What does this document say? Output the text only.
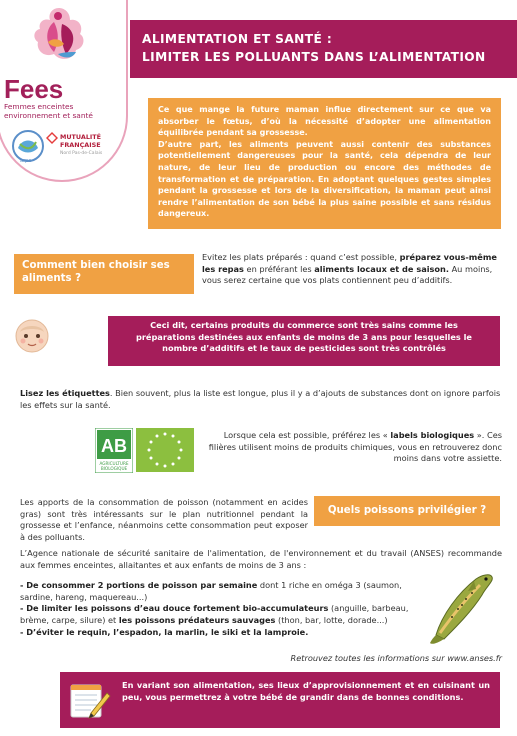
Fees
Femmes enceintes
environnement et santé
arpe
MUTUALITÉ
FRANÇAISE
Nord Pas-de-Calais
ALIMENTATION ET SANTÉ :
LIMITER LES POLLUANTS DANS L’ALIMENTATION

Ce que mange la future maman influe directement sur ce que va absorber le fœtus, d’où la nécessité d’adopter une alimentation équilibrée pendant sa grossesse.

D’autre part, les aliments peuvent aussi contenir des substances potentiellement dangereuses pour la santé, cela dépendra de leur nature, de leur lieu de production ou encore des méthodes de transformation et de préparation. En adoptant quelques gestes simples pendant la grossesse et lors de la diversification, la maman peut ainsi rendre l’alimentation de son bébé la plus saine possible et sans résidus dangereux.

Comment bien choisir ses aliments ?
Evitez les plats préparés : quand c’est possible, préparez vous-même les repas en préférant les aliments locaux et de saison. Au moins, vous serez certaine que vos plats contiennent peu d’additifs.
Ceci dit, certains produits du commerce sont très sains comme les préparations destinées aux enfants de moins de 3 ans pour lesquelles le nombre d’additifs et le taux de pesticides sont très contrôlés
Lisez les étiquettes. Bien souvent, plus la liste est longue, plus il y a d’ajouts de substances dont on ignore parfois les effets sur la santé.
AB
AGRICULTURE
BIOLOGIQUE
Lorsque cela est possible, préférez les « labels biologiques ». Ces filières utilisent moins de produits chimiques, vous en retrouverez donc moins dans votre assiette.
Les apports de la consommation de poisson (notamment en acides gras) sont très intéressants sur le plan nutritionnel pendant la grossesse et l’enfance, néanmoins cette consommation peut exposer à des polluants.
Quels poissons privilégier ?
L’Agence nationale de sécurité sanitaire de l'alimentation, de l'environnement et du travail (ANSES) recommande aux femmes enceintes, allaitantes et aux enfants de moins de 3 ans :
- De consommer 2 portions de poisson par semaine dont 1 riche en oméga 3 (saumon, sardine, hareng, maquereau...)
- De limiter les poissons d’eau douce fortement bio-accumulateurs (anguille, barbeau, brème, carpe, silure) et les poissons prédateurs sauvages (thon, bar, lotte, dorade...)
- D’éviter le requin, l’espadon, la marlin, le siki et la lamproie.
Retrouvez toutes les informations sur www.anses.fr
En variant son alimentation, ses lieux d’approvisionnement et en cuisinant un peu, vous permettrez à votre bébé de grandir dans de bonnes conditions.
